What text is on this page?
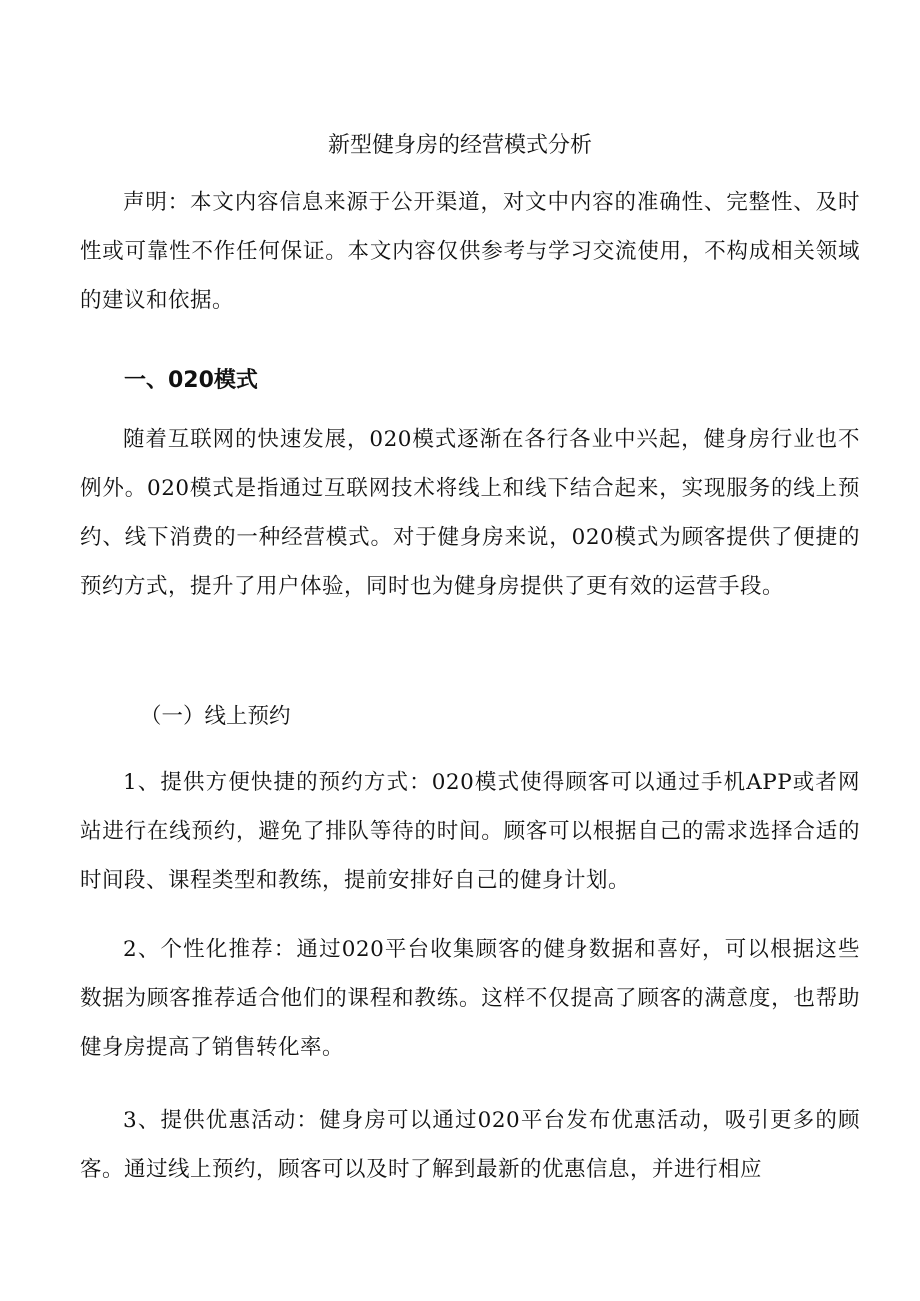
新型健身房的经营模式分析
声明：本文内容信息来源于公开渠道，对文中内容的准确性、完整性、及时性或可靠性不作任何保证。本文内容仅供参考与学习交流使用，不构成相关领域的建议和依据。
一、020模式
随着互联网的快速发展，020模式逐渐在各行各业中兴起，健身房行业也不例外。020模式是指通过互联网技术将线上和线下结合起来，实现服务的线上预约、线下消费的一种经营模式。对于健身房来说，020模式为顾客提供了便捷的预约方式，提升了用户体验，同时也为健身房提供了更有效的运营手段。
（一）线上预约
1、提供方便快捷的预约方式：020模式使得顾客可以通过手机APP或者网站进行在线预约，避免了排队等待的时间。顾客可以根据自己的需求选择合适的时间段、课程类型和教练，提前安排好自己的健身计划。
2、个性化推荐：通过020平台收集顾客的健身数据和喜好，可以根据这些数据为顾客推荐适合他们的课程和教练。这样不仅提高了顾客的满意度，也帮助健身房提高了销售转化率。
3、提供优惠活动：健身房可以通过020平台发布优惠活动，吸引更多的顾客。通过线上预约，顾客可以及时了解到最新的优惠信息，并进行相应
